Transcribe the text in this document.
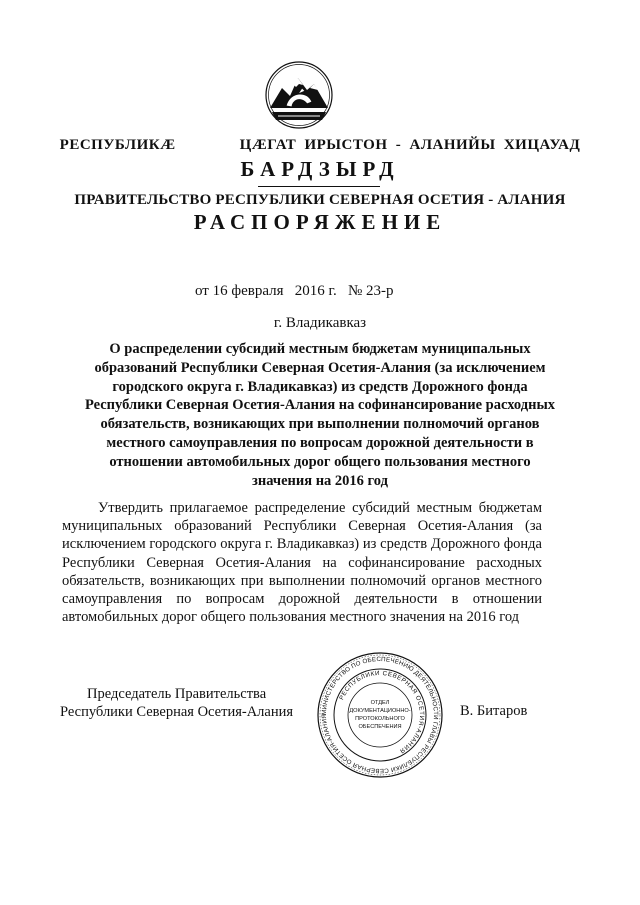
РЕСПУБЛИКÆ	ЦÆГАТ ИРЫСТОН - АЛАНИЙЫ ХИЦАУАД
БАРДЗЫРД
ПРАВИТЕЛЬСТВО РЕСПУБЛИКИ СЕВЕРНАЯ ОСЕТИЯ - АЛАНИЯ
РАСПОРЯЖЕНИЕ
от 16 февраля 2016 г. № 23-р
г. Владикавказ
О распределении субсидий местным бюджетам муниципальных образований Республики Северная Осетия-Алания (за исключением городского округа г. Владикавказ) из средств Дорожного фонда Республики Северная Осетия-Алания на софинансирование расходных обязательств, возникающих при выполнении полномочий органов местного самоуправления по вопросам дорожной деятельности в отношении автомобильных дорог общего пользования местного значения на 2016 год
Утвердить прилагаемое распределение субсидий местным бюджетам муниципальных образований Республики Северная Осетия-Алания (за исключением городского округа г. Владикавказ) из средств Дорожного фонда Республики Северная Осетия-Алания на софинансирование расходных обязательств, возникающих при выполнении полномочий органов местного самоуправления по вопросам дорожной деятельности в отношении автомобильных дорог общего пользования местного значения на 2016 год
Председатель Правительства
Республики Северная Осетия-Алания	МИНИСТЕРСТВО ПО ОБЕСПЕЧЕНИЮ ДЕЯТЕЛЬНОСТИ ГЛАВЫ РЕСПУБЛИКИ СЕВЕРНАЯ ОСЕТИЯ-АЛАНИЯ
РЕСПУБЛИКИ СЕВЕРНАЯ ОСЕТИЯ-АЛАНИЯ
ОТДЕЛ
ДОКУМЕНТАЦИОННО-
ПРОТОКОЛЬНОГО
ОБЕСПЕЧЕНИЯ
В. Битаров
